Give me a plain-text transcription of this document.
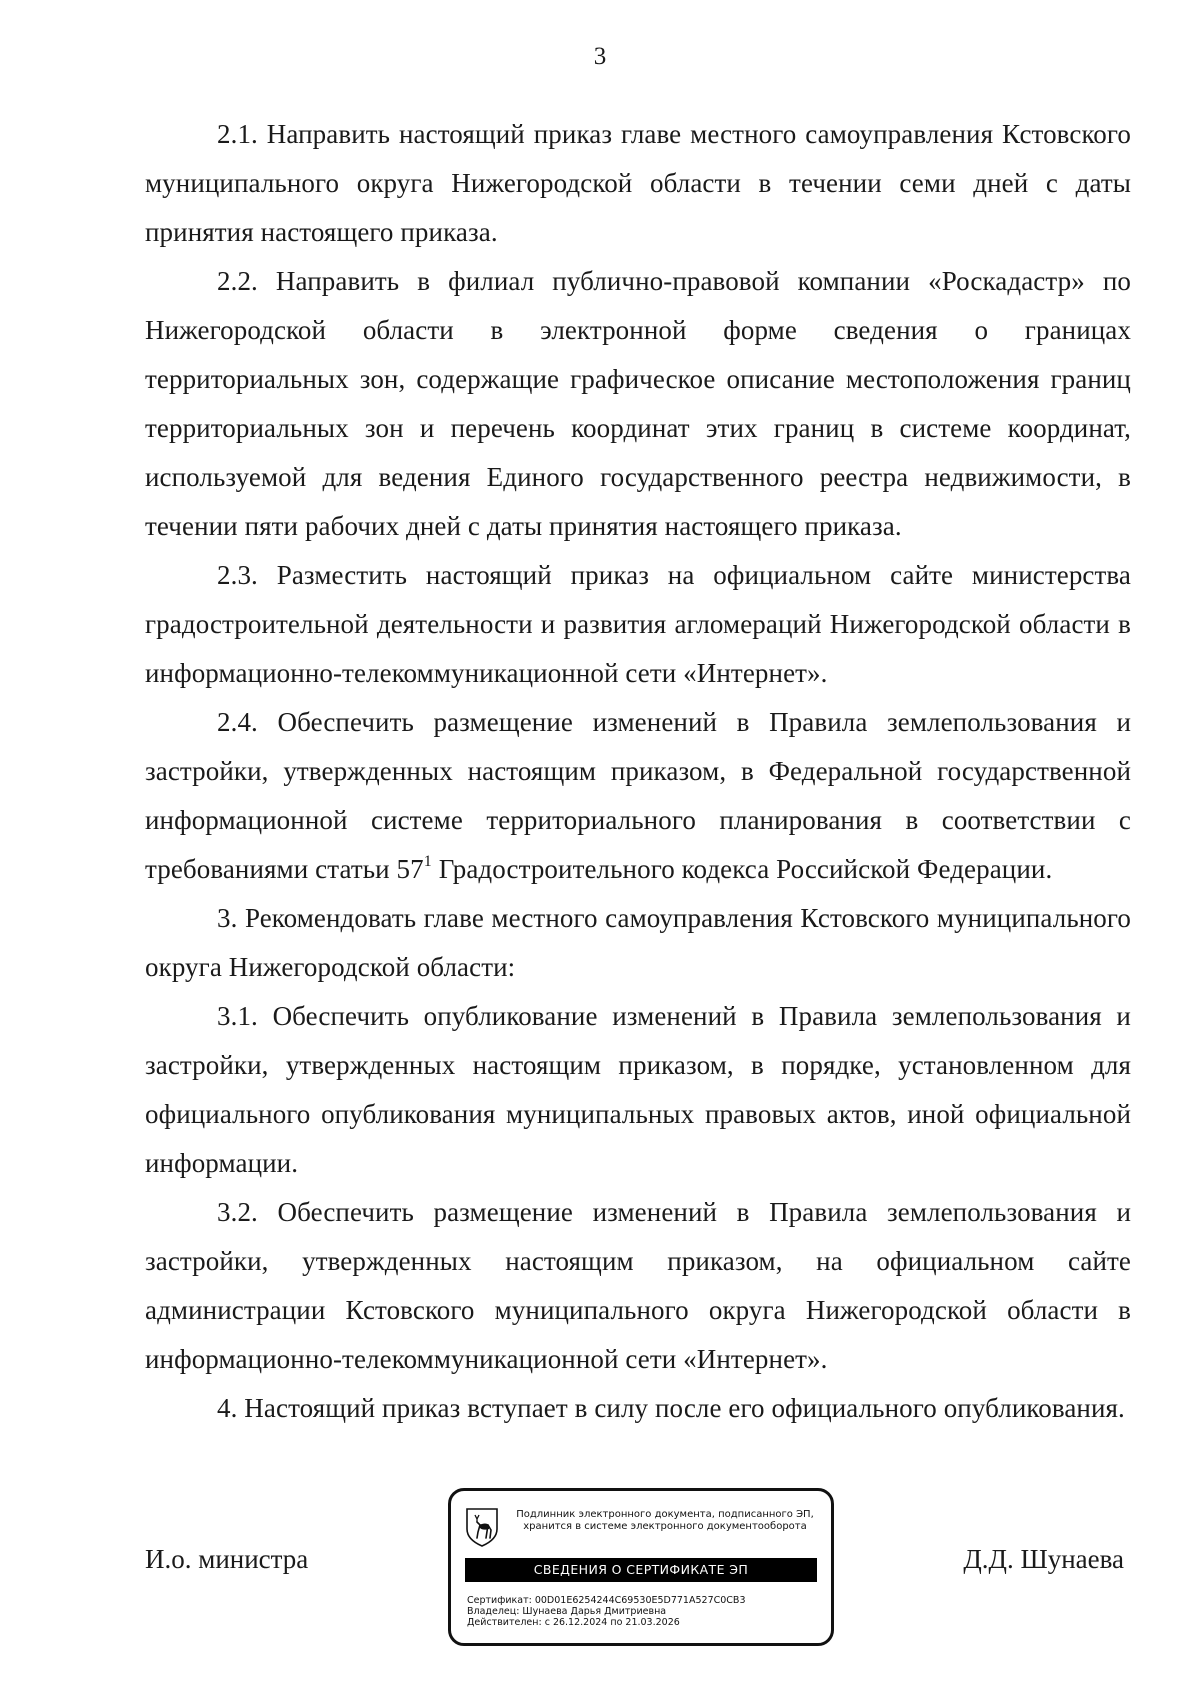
3

2.1. Направить настоящий приказ главе местного самоуправления Кстовского муниципального округа Нижегородской области в течении семи дней с даты принятия настоящего приказа.

2.2. Направить в филиал публично-правовой компании «Роскадастр» по Нижегородской области в электронной форме сведения о границах территориальных зон, содержащие графическое описание местоположения границ территориальных зон и перечень координат этих границ в системе координат, используемой для ведения Единого государственного реестра недвижимости, в течении пяти рабочих дней с даты принятия настоящего приказа.

2.3. Разместить настоящий приказ на официальном сайте министерства градостроительной деятельности и развития агломераций Нижегородской области в информационно-телекоммуникационной сети «Интернет».

2.4. Обеспечить размещение изменений в Правила землепользования и застройки, утвержденных настоящим приказом, в Федеральной государственной информационной системе территориального планирования в соответствии с требованиями статьи $57^1$ Градостроительного кодекса Российской Федерации.

3. Рекомендовать главе местного самоуправления Кстовского муниципального округа Нижегородской области:

3.1. Обеспечить опубликование изменений в Правила землепользования и застройки, утвержденных настоящим приказом, в порядке, установленном для официального опубликования муниципальных правовых актов, иной официальной информации.

3.2. Обеспечить размещение изменений в Правила землепользования и застройки, утвержденных настоящим приказом, на официальном сайте администрации Кстовского муниципального округа Нижегородской области в информационно-телекоммуникационной сети «Интернет».

4. Настоящий приказ вступает в силу после его официального опубликования.

И.о. министра
Подлинник электронного документа, подписанного ЭП,
хранится в системе электронного документооборота
СВЕДЕНИЯ О СЕРТИФИКАТЕ ЭП
Сертификат: 00D01E6254244C69530E5D771A527C0CB3
Владелец: Шунаева Дарья Дмитриевна
Действителен: с 26.12.2024 по 21.03.2026
Д.Д. Шунаева
